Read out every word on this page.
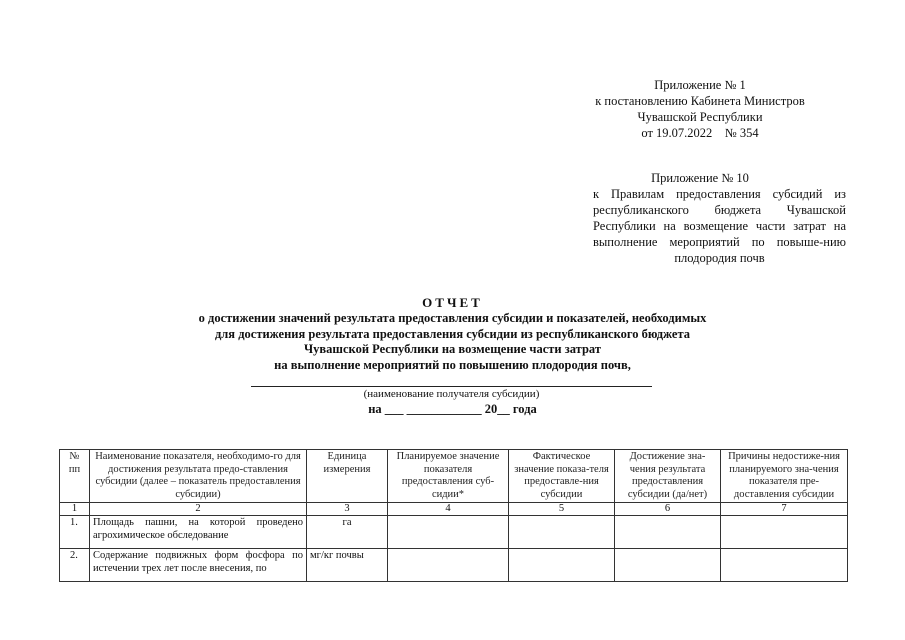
Приложение № 1
к постановлению Кабинета Министров
Чувашской Республики
от 19.07.2022    № 354
Приложение № 10
к Правилам предоставления субсидий из республиканского бюджета Чувашской Республики на возмещение части затрат на выполнение мероприятий по повыше-нию плодородия почв
ОТЧЕТ
о достижении значений результата предоставления субсидии и показателей, необходимых
для достижения результата предоставления субсидии из республиканского бюджета
Чувашской Республики на возмещение части затрат
на выполнение мероприятий по повышению плодородия почв,
(наименование получателя субсидии)
на ___ ____________ 20__ года
№ пп	Наименование показателя, необходимо-го для достижения результата предо-ставления субсидии (далее – показатель предоставления субсидии)	Единица измерения	Планируемое значение показателя предоставления суб-сидии*	Фактическое значение показа-теля предоставле-ния субсидии	Достижение зна-чения результата предоставления субсидии (да/нет)	Причины недостиже-ния планируемого зна-чения показателя пре-доставления субсидии
1	2	3	4	5	6	7
1.	Площадь пашни, на которой проведено агрохимическое обследование	га				
2.	Содержание подвижных форм фосфора по истечении трех лет после внесения, по	мг/кг почвы				
